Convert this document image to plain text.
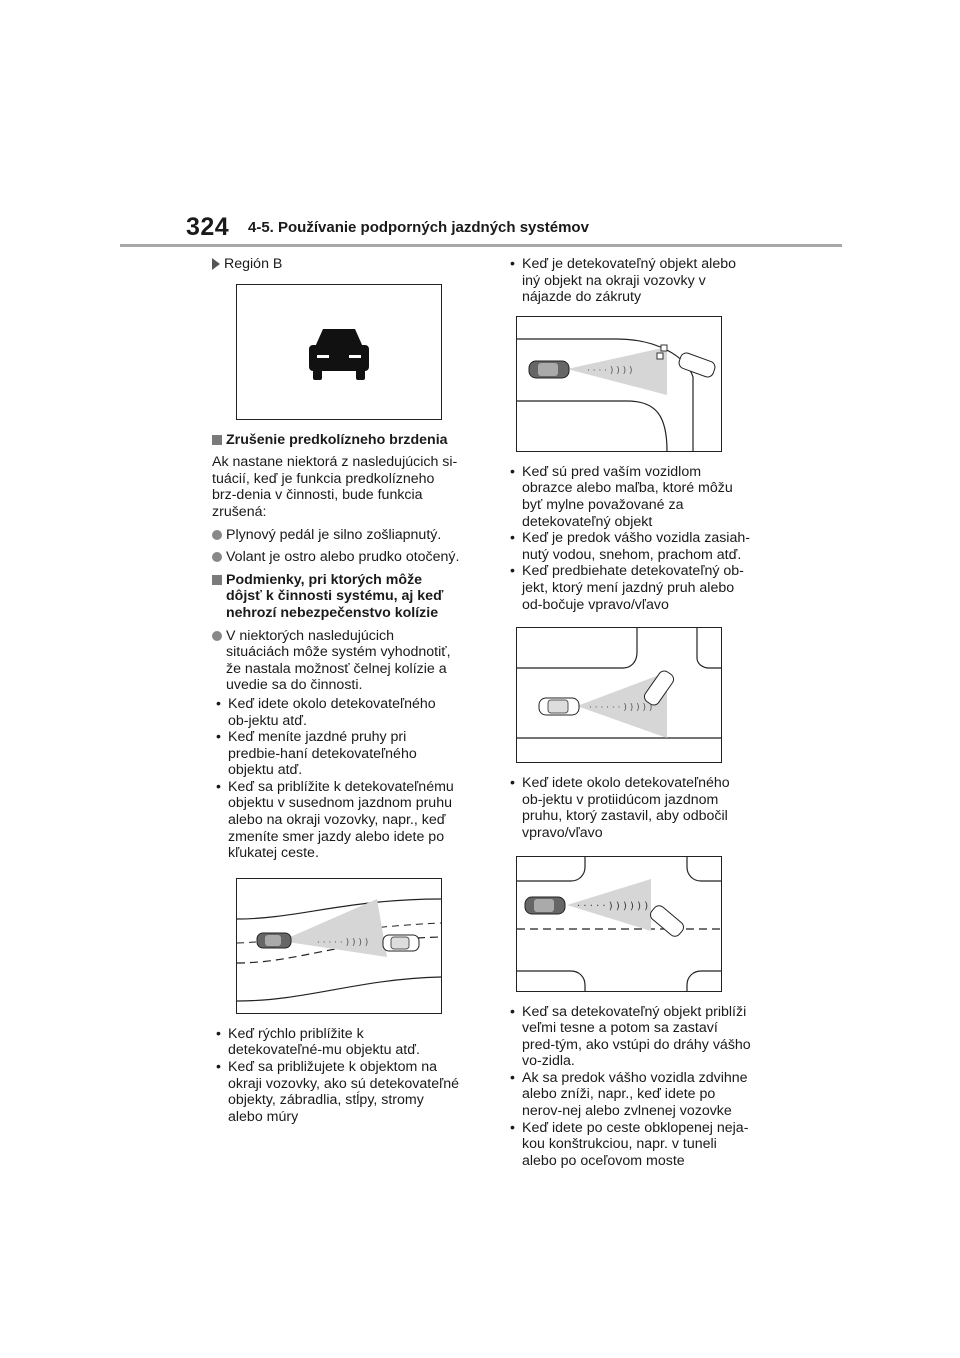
324 4-5. Používanie podporných jazdných systémov
Región B
Zrušenie predkolízneho brzdenia

Ak nastane niektorá z nasledujúcich si-tuácií, keď je funkcia predkolízneho brz-denia v činnosti, bude funkcia zrušená:

Plynový pedál je silno zošliapnutý.
Volant je ostro alebo prudko otočený.
Podmienky, pri ktorých môže dôjsť k činnosti systému, aj keď nehrozí nebezpečenstvo kolízie
V niektorých nasledujúcich situáciách môže systém vyhodnotiť, že nastala možnosť čelnej kolízie a uvedie sa do činnosti.

• Keď idete okolo detekovateľného ob-jektu atď.

• Keď meníte jazdné pruhy pri predbie-haní detekovateľného objektu atď.

• Keď sa priblížite k detekovateľnému objektu v susednom jazdnom pruhu alebo na okraji vozovky, napr., keď zmeníte smer jazdy alebo idete po kľukatej ceste.

· · · · · ) ) ) )

• Keď rýchlo priblížite k detekovateľné-mu objektu atď.

• Keď sa približujete k objektom na okraji vozovky, ako sú detekovateľné objekty, zábradlia, stĺpy, stromy alebo múry

• Keď je detekovateľný objekt alebo iný objekt na okraji vozovky v nájazde do zákruty

· · · · ) ) ) )

• Keď sú pred vaším vozidlom obrazce alebo maľba, ktoré môžu byť mylne považované za detekovateľný objekt

• Keď je predok vášho vozidla zasiah-nutý vodou, snehom, prachom atď.

• Keď predbiehate detekovateľný ob-jekt, ktorý mení jazdný pruh alebo od-bočuje vpravo/vľavo

· · · · · · ) ) ) ) )

• Keď idete okolo detekovateľného ob-jektu v protiidúcom jazdnom pruhu, ktorý zastavil, aby odbočil vpravo/vľavo

· · · · · ) ) ) ) ) )

• Keď sa detekovateľný objekt priblíži veľmi tesne a potom sa zastaví pred-tým, ako vstúpi do dráhy vášho vo-zidla.

• Ak sa predok vášho vozidla zdvihne alebo zníži, napr., keď idete po nerov-nej alebo zvlnenej vozovke

• Keď idete po ceste obklopenej neja-kou konštrukciou, napr. v tuneli alebo po oceľovom moste
